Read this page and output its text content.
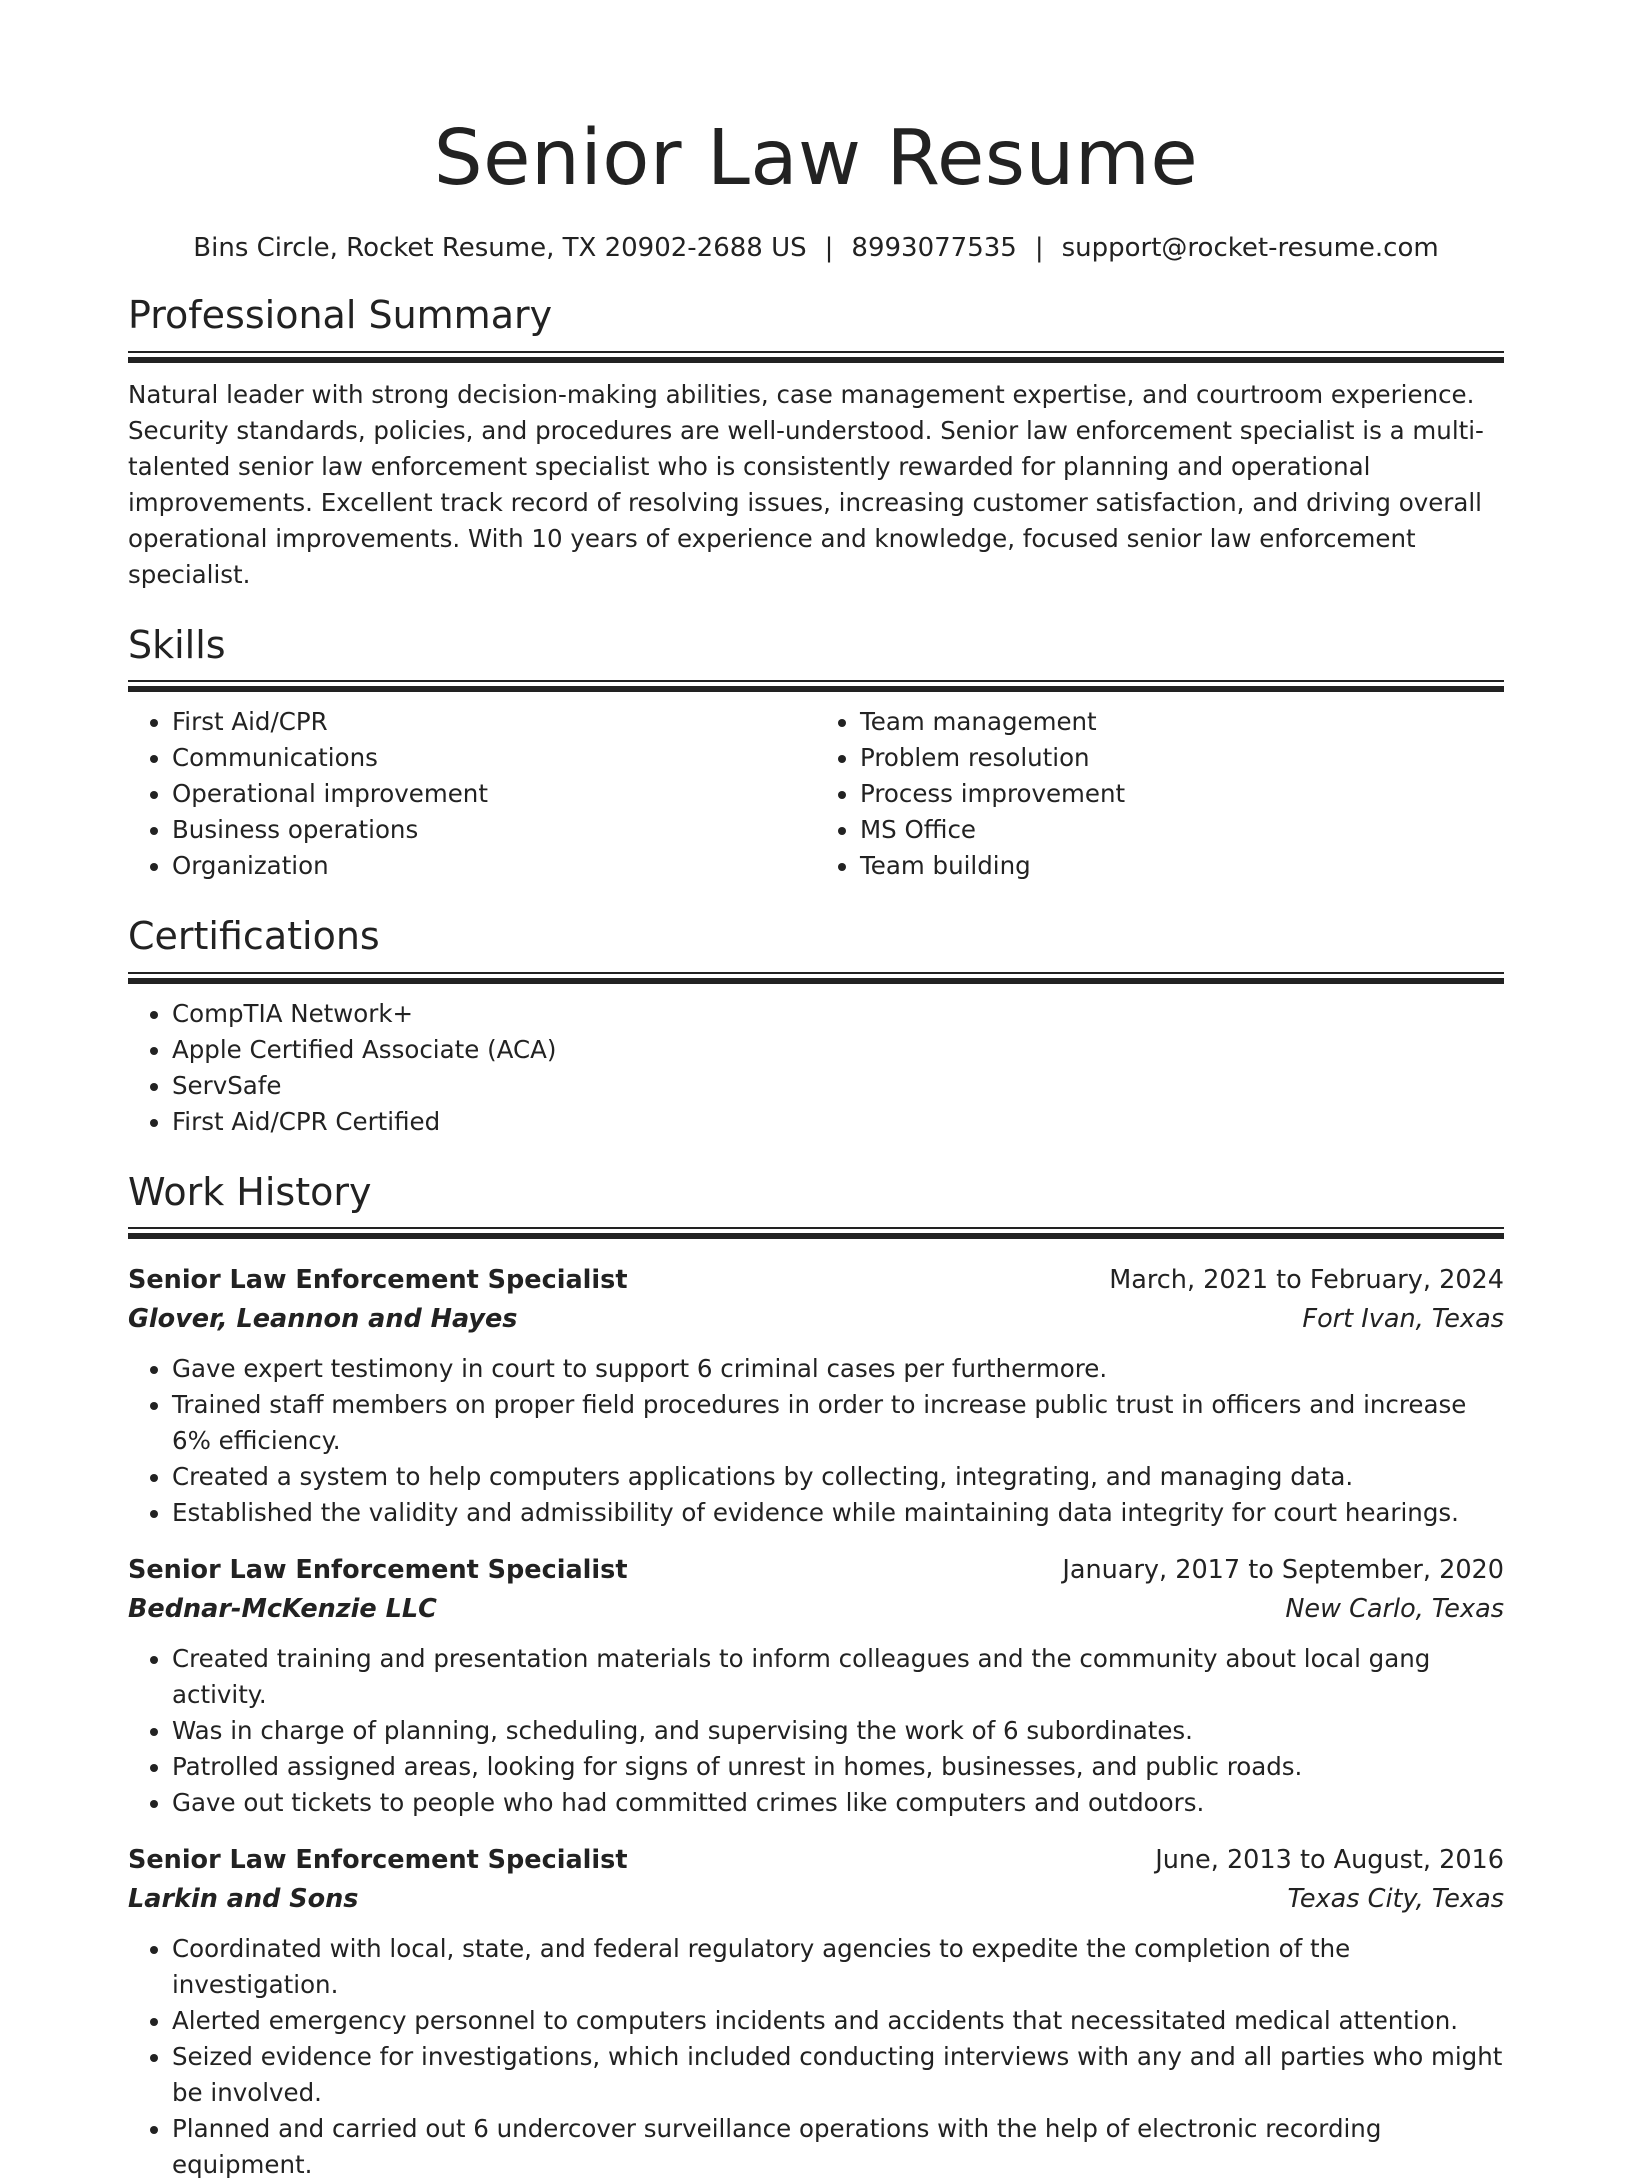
Senior Law Resume
Bins Circle, Rocket Resume, TX 20902-2688 US | 8993077535 | support@rocket-resume.com
Professional Summary

Natural leader with strong decision-making abilities, case management expertise, and courtroom experience. Security standards, policies, and procedures are well-understood. Senior law enforcement specialist is a multi-talented senior law enforcement specialist who is consistently rewarded for planning and operational improvements. Excellent track record of resolving issues, increasing customer satisfaction, and driving overall operational improvements. With 10 years of experience and knowledge, focused senior law enforcement specialist.

Skills
• First Aid/CPR
• Communications
• Operational improvement
• Business operations
• Organization
• Team management
• Problem resolution
• Process improvement
• MS Office
• Team building
Certifications
• CompTIA Network+
• Apple Certified Associate (ACA)
• ServSafe
• First Aid/CPR Certified
Work History
Senior Law Enforcement Specialist	March, 2021 to February, 2024
Glover, Leannon and Hayes	Fort Ivan, Texas
• Gave expert testimony in court to support 6 criminal cases per furthermore.
• Trained staff members on proper field procedures in order to increase public trust in officers and increase 6% efficiency.
• Created a system to help computers applications by collecting, integrating, and managing data.
• Established the validity and admissibility of evidence while maintaining data integrity for court hearings.
Senior Law Enforcement Specialist	January, 2017 to September, 2020
Bednar-McKenzie LLC	New Carlo, Texas
• Created training and presentation materials to inform colleagues and the community about local gang activity.
• Was in charge of planning, scheduling, and supervising the work of 6 subordinates.
• Patrolled assigned areas, looking for signs of unrest in homes, businesses, and public roads.
• Gave out tickets to people who had committed crimes like computers and outdoors.
Senior Law Enforcement Specialist	June, 2013 to August, 2016
Larkin and Sons	Texas City, Texas
• Coordinated with local, state, and federal regulatory agencies to expedite the completion of the investigation.
• Alerted emergency personnel to computers incidents and accidents that necessitated medical attention.
• Seized evidence for investigations, which included conducting interviews with any and all parties who might be involved.
• Planned and carried out 6 undercover surveillance operations with the help of electronic recording equipment.
